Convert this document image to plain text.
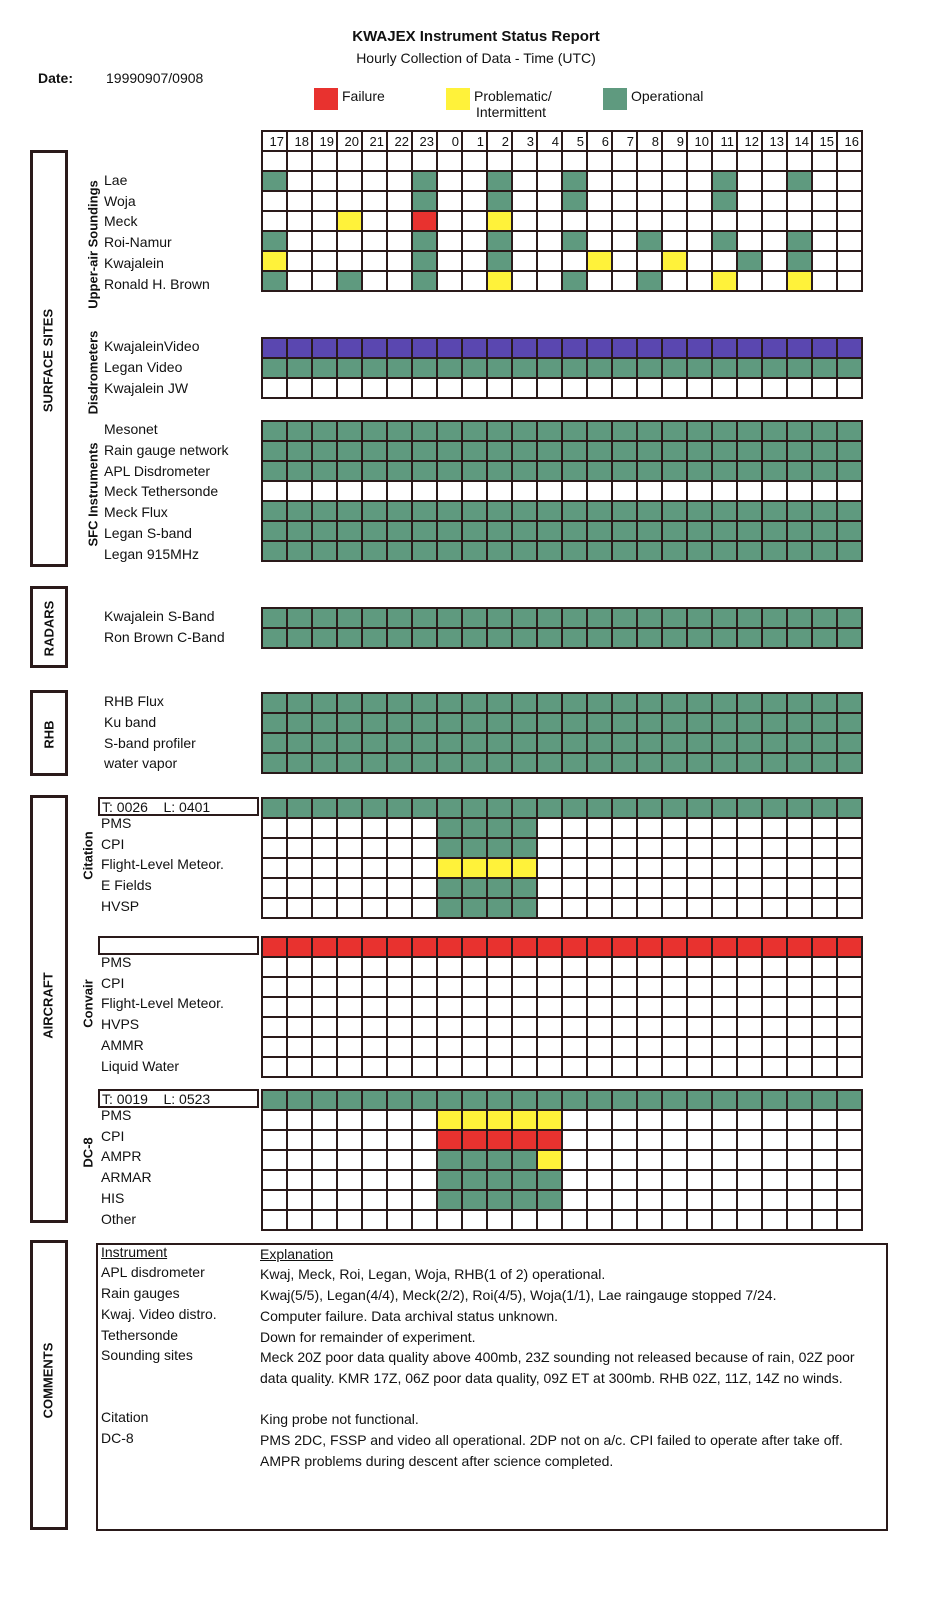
KWAJEX Instrument Status Report
Hourly Collection of Data - Time (UTC)
Date: 19990907/0908
Failure	Problematic/
Intermittent
Operational
17	18	19	20	21	22	23	0	1	2	3	4	5	6	7	8	9	10	11	12	13	14	15	16
SURFACE SITES
RADARS
RHB
AIRCRAFT
COMMENTS
Upper-air Soundings
Disdrometers
SFC Instruments
Citation
Convair
DC-8
Instrument	Explanation
APL disdrometer	Kwaj, Meck, Roi, Legan, Woja, RHB(1 of 2) operational.
Rain gauges	Kwaj(5/5), Legan(4/4), Meck(2/2), Roi(4/5), Woja(1/1), Lae raingauge stopped 7/24.
Kwaj. Video distro.	Computer failure. Data archival status unknown.
Tethersonde	Down for remainder of experiment.
Sounding sites	Meck 20Z poor data quality above 400mb, 23Z sounding not released because of rain, 02Z poor data quality. KMR 17Z, 06Z poor data quality, 09Z ET at 300mb. RHB 02Z, 11Z, 14Z no winds.
Citation	King probe not functional.
DC-8	PMS 2DC, FSSP and video all operational. 2DP not on a/c. CPI failed to operate after take off. AMPR problems during descent after science completed.
Lae
Woja
Meck
Roi-Namur
Kwajalein
Ronald H. Brown

KwajaleinVideo
Legan Video
Kwajalein JW

Mesonet
Rain gauge network
APL Disdrometer
Meck Tethersonde
Meck Flux
Legan S-band
Legan 915MHz

Kwajalein S-Band
Ron Brown C-Band

RHB Flux
Ku band
S-band profiler
water vapor

PMS
CPI
Flight-Level Meteor.
E Fields
HVSP

T: 0026    L: 0401
PMS
CPI
Flight-Level Meteor.
HVPS
AMMR
Liquid Water

PMS
CPI
AMPR
ARMAR
HIS
Other

T: 0019    L: 0523
